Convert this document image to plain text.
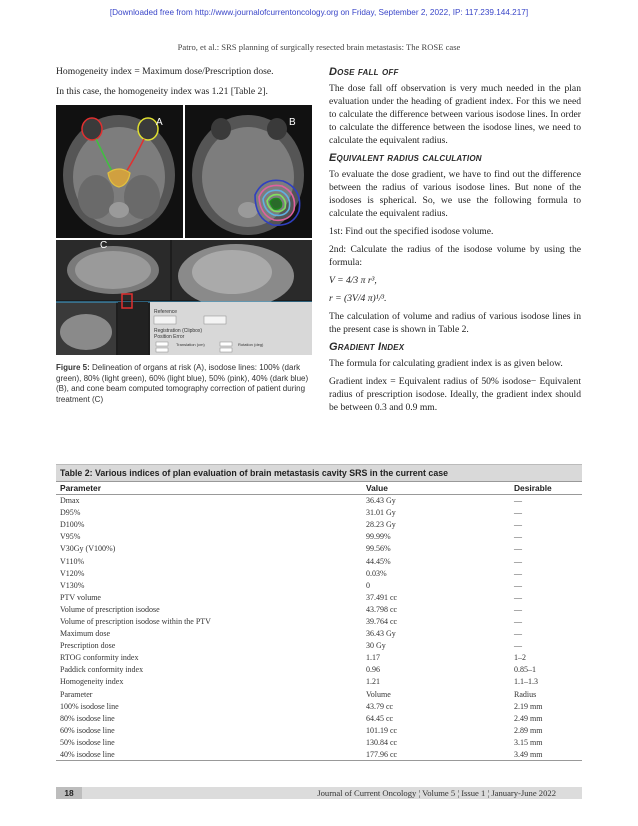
[Downloaded free from http://www.journalofcurrentoncology.org on Friday, September 2, 2022, IP: 117.239.144.217]
Patro, et al.: SRS planning of surgically resected brain metastasis: The ROSE case

Homogeneity index = Maximum dose/Prescription dose.

In this case, the homogeneity index was 1.21 [Table 2].

A	B
Reference
Registration (Clipbox)
Position Error
Translation (cm)	Rotation (deg)
C

Figure 5: Delineation of organs at risk (A), isodose lines: 100% (dark green), 80% (light green), 60% (light blue), 50% (pink), 40% (dark blue) (B), and cone beam computed tomography correction of patient during treatment (C)

Dose fall off

The dose fall off observation is very much needed in the plan evaluation under the heading of gradient index. For this we need to calculate the difference between various isodose lines. In order to calculate the difference between the isodose lines, we need to calculate the equivalent radius.

Equivalent radius calculation

To evaluate the dose gradient, we have to find out the difference between the radius of various isodose lines. But none of the isodoses is spherical. So, we use the following formula to calculate the equivalent radius.

1st: Find out the specified isodose volume.

2nd: Calculate the radius of the isodose volume by using the formula:

V = 4/3 π r³,

r = (3V/4 π)¹/³.

The calculation of volume and radius of various isodose lines in the present case is shown in Table 2.

Gradient Index

The formula for calculating gradient index is as given below.

Gradient index = Equivalent radius of 50% isodose− Equivalent radius of prescription isodose. Ideally, the gradient index should be between 0.3 and 0.9 mm.

Table 2: Various indices of plan evaluation of brain metastasis cavity SRS in the current case
Parameter	Value	Desirable
Dmax	36.43 Gy	—
D95%	31.01 Gy	—
D100%	28.23 Gy	—
V95%	99.99%	—
V30Gy (V100%)	99.56%	—
V110%	44.45%	—
V120%	0.03%	—
V130%	0	—
PTV volume	37.491 cc	—
Volume of prescription isodose	43.798 cc	—
Volume of prescription isodose within the PTV	39.764 cc	—
Maximum dose	36.43 Gy	—
Prescription dose	30 Gy	—
RTOG conformity index	1.17	1–2
Paddick conformity index	0.96	0.85–1
Homogeneity index	1.21	1.1–1.3
Parameter	Volume	Radius
100% isodose line	43.79 cc	2.19 mm
80% isodose line	64.45 cc	2.49 mm
60% isodose line	101.19 cc	2.89 mm
50% isodose line	130.84 cc	3.15 mm
40% isodose line	177.96 cc	3.49 mm
18	Journal of Current Oncology ¦ Volume 5 ¦ Issue 1 ¦ January-June 2022
